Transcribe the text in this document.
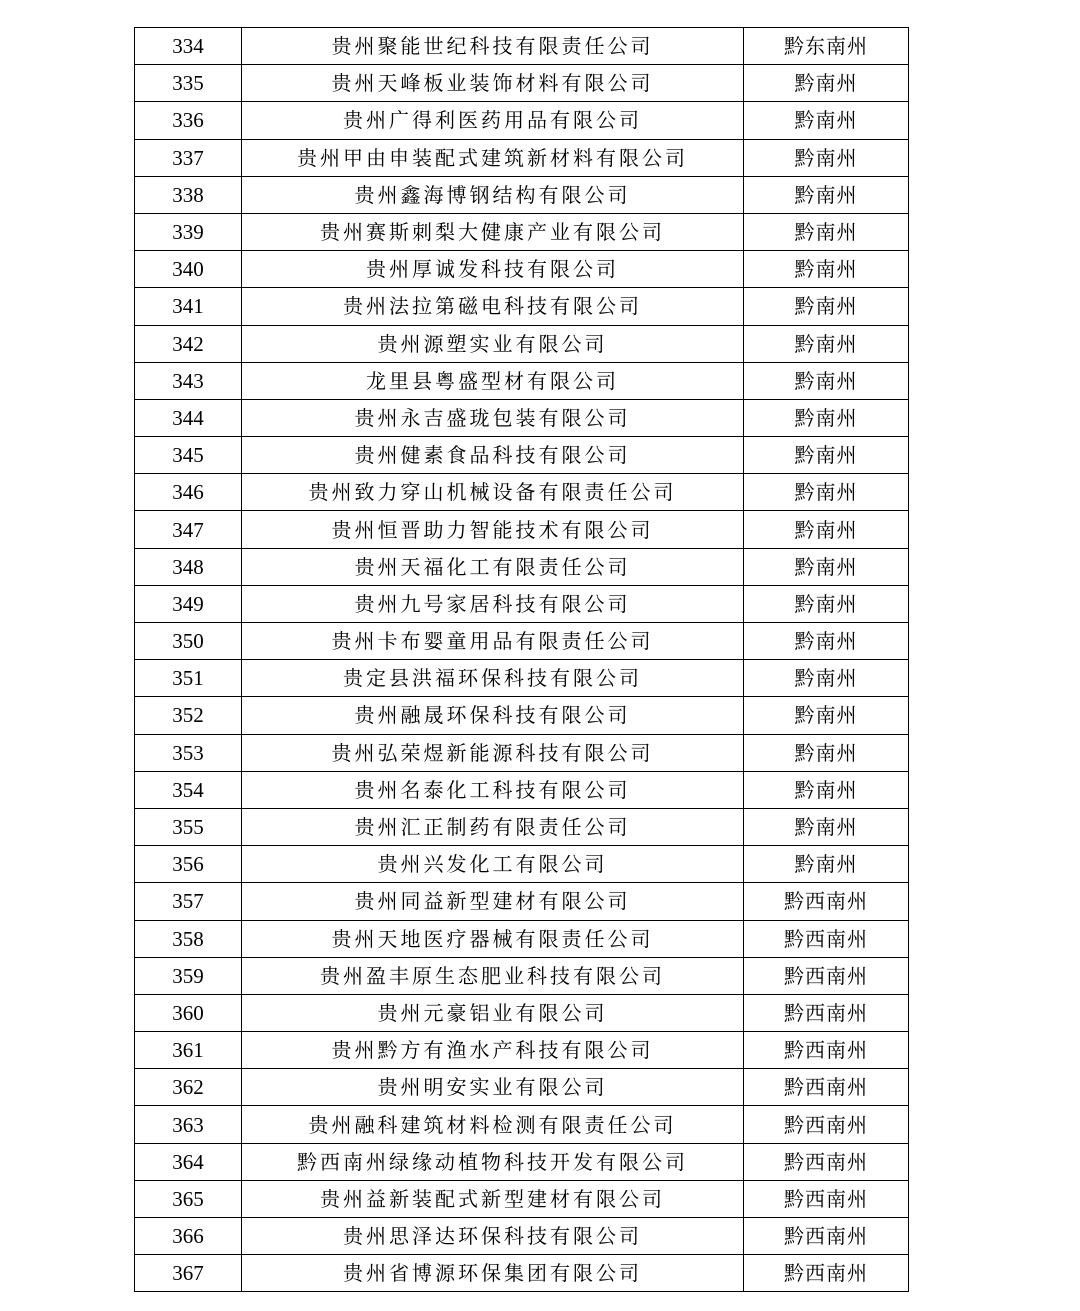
334	贵州聚能世纪科技有限责任公司	黔东南州
335	贵州天峰板业装饰材料有限公司	黔南州
336	贵州广得利医药用品有限公司	黔南州
337	贵州甲由申装配式建筑新材料有限公司	黔南州
338	贵州鑫海博钢结构有限公司	黔南州
339	贵州赛斯刺梨大健康产业有限公司	黔南州
340	贵州厚诚发科技有限公司	黔南州
341	贵州法拉第磁电科技有限公司	黔南州
342	贵州源塑实业有限公司	黔南州
343	龙里县粤盛型材有限公司	黔南州
344	贵州永吉盛珑包装有限公司	黔南州
345	贵州健素食品科技有限公司	黔南州
346	贵州致力穿山机械设备有限责任公司	黔南州
347	贵州恒晋助力智能技术有限公司	黔南州
348	贵州天福化工有限责任公司	黔南州
349	贵州九号家居科技有限公司	黔南州
350	贵州卡布婴童用品有限责任公司	黔南州
351	贵定县洪福环保科技有限公司	黔南州
352	贵州融晟环保科技有限公司	黔南州
353	贵州弘荣煜新能源科技有限公司	黔南州
354	贵州名泰化工科技有限公司	黔南州
355	贵州汇正制药有限责任公司	黔南州
356	贵州兴发化工有限公司	黔南州
357	贵州同益新型建材有限公司	黔西南州
358	贵州天地医疗器械有限责任公司	黔西南州
359	贵州盈丰原生态肥业科技有限公司	黔西南州
360	贵州元豪铝业有限公司	黔西南州
361	贵州黔方有渔水产科技有限公司	黔西南州
362	贵州明安实业有限公司	黔西南州
363	贵州融科建筑材料检测有限责任公司	黔西南州
364	黔西南州绿缘动植物科技开发有限公司	黔西南州
365	贵州益新装配式新型建材有限公司	黔西南州
366	贵州思泽达环保科技有限公司	黔西南州
367	贵州省博源环保集团有限公司	黔西南州
